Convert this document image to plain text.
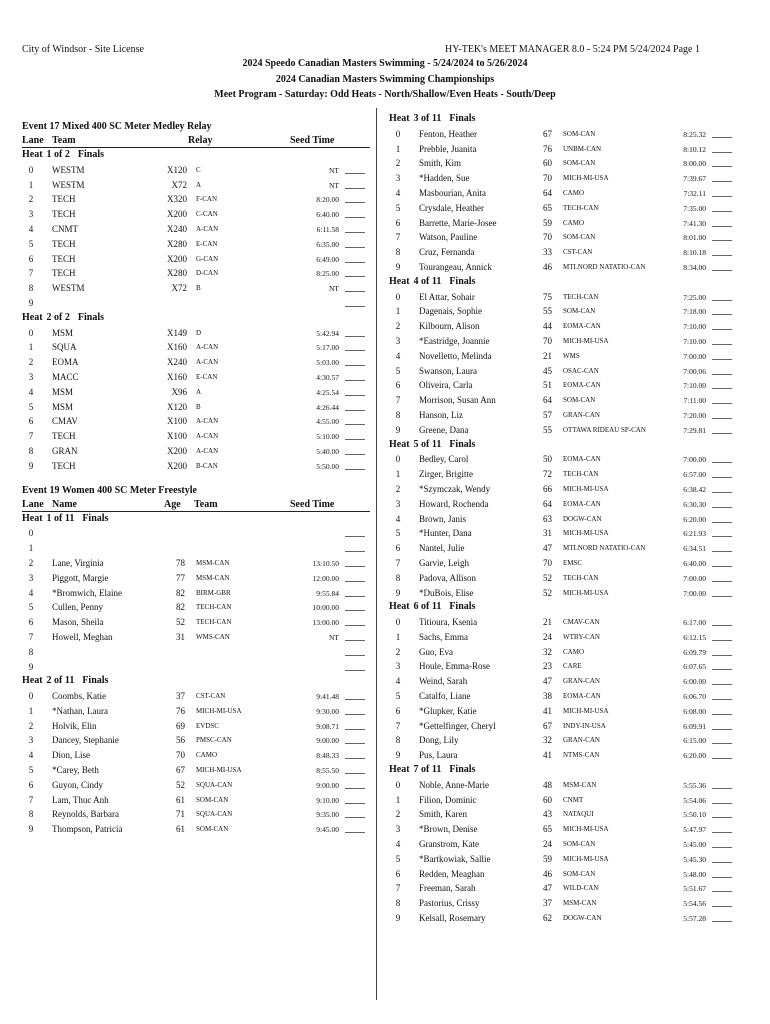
City of Windsor - Site License	HY-TEK's MEET MANAGER 8.0 - 5:24 PM 5/24/2024 Page 1
2024 Speedo Canadian Masters Swimming - 5/24/2024 to 5/26/2024
2024 Canadian Masters Swimming Championships
Meet Program - Saturday: Odd Heats - North/Shallow/Even Heats - South/Deep
Event 17 Mixed 400 SC Meter Medley Relay
Lane Team	Relay	Seed Time
Heat 1 of 2 Finals
0	WESTM	X120 C	NT
1	WESTM	X72 A	NT
2	TECH	X320 F-CAN	8:20.00
3	TECH	X200 C-CAN	6:40.00
4	CNMT	X240 A-CAN	6:11.58
5	TECH	X280 E-CAN	6:35.00
6	TECH	X200 G-CAN	6:49.00
7	TECH	X280 D-CAN	8:25.00
8	WESTM	X72 B	NT
9
Heat 2 of 2 Finals
0	MSM	X149 D	5:42.94
1	SQUA	X160 A-CAN	5:17.00
2	EOMA	X240 A-CAN	5:03.00
3	MACC	X160 E-CAN	4:30.57
4	MSM	X96 A	4:25.54
5	MSM	X120 B	4:26.44
6	CMAV	X100 A-CAN	4:55.00
7	TECH	X100 A-CAN	5:10.00
8	GRAN	X200 A-CAN	5:40.00
9	TECH	X200 B-CAN	5:50.00
Event 19 Women 400 SC Meter Freestyle
Lane Name	Age Team	Seed Time
Heat 1 of 11 Finals
0
1
2	Lane, Virginia	78 MSM-CAN	13:10.50
3	Piggott, Margie	77 MSM-CAN	12:00.00
4	*Bromwich, Elaine	82 BIRM-GBR	9:55.84
5	Cullen, Penny	82 TECH-CAN	10:00.00
6	Mason, Sheila	52 TECH-CAN	13:00.00
7	Howell, Meghan	31 WMS-CAN	NT
8
9
Heat 2 of 11 Finals
0	Coombs, Katie	37 CST-CAN	9:41.48
1	*Nathan, Laura	76 MICH-MI-USA	9:30.00
2	Holvik, Elin	69 EVDSC	9:08.71
3	Dancey, Stephanie	56 PMSC-CAN	9:00.00
4	Dion, Lise	70 CAMO	8:48.33
5	*Carey, Beth	67 MICH-MI-USA	8:55.50
6	Guyon, Cindy	52 SQUA-CAN	9:00.00
7	Lam, Thuc Anh	61 SOM-CAN	9:10.00
8	Reynolds, Barbara	71 SQUA-CAN	9:35.00
9	Thompson, Patricia	61 SOM-CAN	9:45.00
Heat 3 of 11 Finals
0	Fenton, Heather	67 SOM-CAN	8:25.32
1	Prebble, Juanita	76 UNBM-CAN	8:10.12
2	Smith, Kim	60 SOM-CAN	8:00.00
3	*Hadden, Sue	70 MICH-MI-USA	7:39.67
4	Masbourian, Anita	64 CAMO	7:32.11
5	Crysdale, Heather	65 TECH-CAN	7:35.00
6	Barrette, Marie-Josee	59 CAMO	7:41.30
7	Watson, Pauline	70 SOM-CAN	8:01.00
8	Cruz, Fernanda	33 CST-CAN	8:10.18
9	Tourangeau, Annick	46 MTLNORD NATATIO-CAN	8:34.00
Heat 4 of 11 Finals
0	El Attar, Sohair	75 TECH-CAN	7:25.00
1	Dagenais, Sophie	55 SOM-CAN	7:18.00
2	Kilbourn, Alison	44 EOMA-CAN	7:10.00
3	*Eastridge, Joannie	70 MICH-MI-USA	7:10.00
4	Novelletto, Melinda	21 WMS	7:00.00
5	Swanson, Laura	45 OSAC-CAN	7:00.06
6	Oliveira, Carla	51 EOMA-CAN	7:10.00
7	Morrison, Susan Ann	64 SOM-CAN	7:11.00
8	Hanson, Liz	57 GRAN-CAN	7:20.00
9	Greene, Dana	55 OTTAWA RIDEAU SP-CAN	7:29.81
Heat 5 of 11 Finals
0	Bedley, Carol	50 EOMA-CAN	7:00.00
1	Zirger, Brigitte	72 TECH-CAN	6:57.00
2	*Szymczak, Wendy	66 MICH-MI-USA	6:38.42
3	Howard, Rochenda	64 EOMA-CAN	6:30.30
4	Brown, Janis	63 DOGW-CAN	6:20.00
5	*Hunter, Dana	31 MICH-MI-USA	6:21.93
6	Nantel, Julie	47 MTLNORD NATATIO-CAN	6:34.51
7	Garvie, Leigh	70 EMSC	6:40.00
8	Padova, Allison	52 TECH-CAN	7:00.00
9	*DuBois, Elise	52 MICH-MI-USA	7:00.00
Heat 6 of 11 Finals
0	Titioura, Ksenia	21 CMAV-CAN	6:17.00
1	Sachs, Emma	24 WTBY-CAN	6:12.15
2	Guo, Eva	32 CAMO	6:09.79
3	Houle, Emma-Rose	23 CARE	6:07.65
4	Weind, Sarah	47 GRAN-CAN	6:00.00
5	Catalfo, Liane	38 EOMA-CAN	6:06.70
6	*Glupker, Katie	41 MICH-MI-USA	6:08.00
7	*Gettelfinger, Cheryl	67 INDY-IN-USA	6:09.91
8	Dong, Lily	32 GRAN-CAN	6:15.00
9	Pus, Laura	41 NTMS-CAN	6:20.00
Heat 7 of 11 Finals
0	Noble, Anne-Marie	48 MSM-CAN	5:55.36
1	Filion, Dominic	60 CNMT	5:54.06
2	Smith, Karen	43 NATAQUI	5:50.10
3	*Brown, Denise	65 MICH-MI-USA	5:47.97
4	Granstrom, Kate	24 SOM-CAN	5:45.00
5	*Bartkowiak, Sallie	59 MICH-MI-USA	5:45.30
6	Redden, Meaghan	46 SOM-CAN	5:48.00
7	Freeman, Sarah	47 WILD-CAN	5:51.67
8	Pastorius, Crissy	37 MSM-CAN	5:54.56
9	Kelsall, Rosemary	62 DOGW-CAN	5:57.28
